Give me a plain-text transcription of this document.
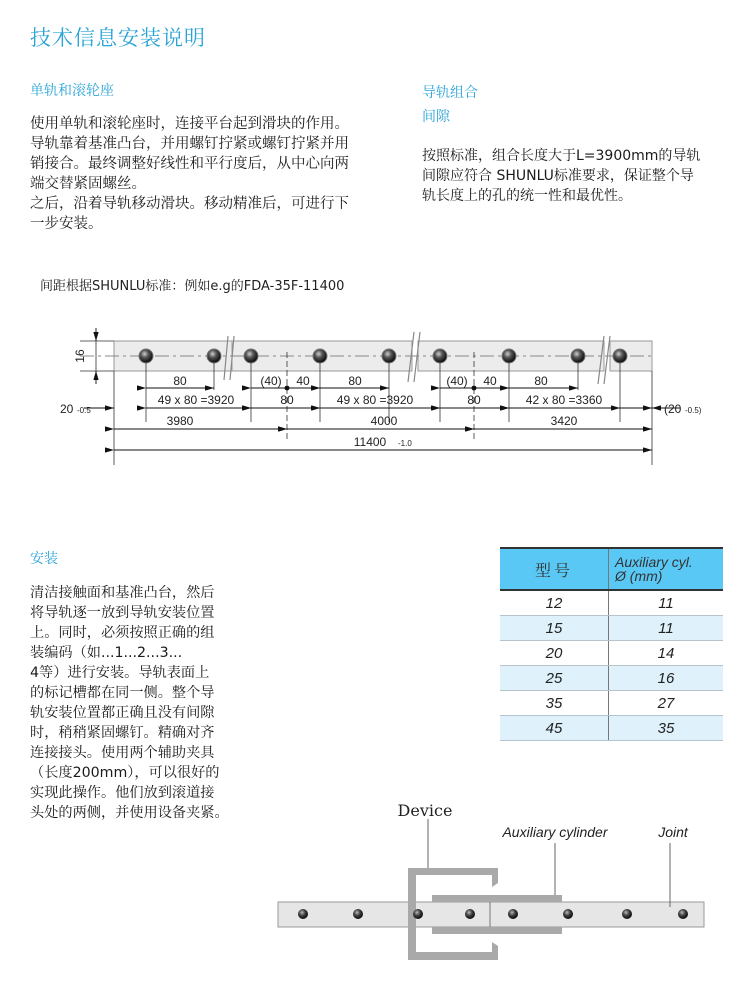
技术信息安装说明
单轨和滚轮座
使用单轨和滚轮座时，连接平台起到滑块的作用。
导轨靠着基准凸台，并用螺钉拧紧或螺钉拧紧并用
销接合。最终调整好线性和平行度后，从中心向两
端交替紧固螺丝。
之后，沿着导轨移动滑块。移动精准后，可进行下
一步安装。
导轨组合
间隙
按照标准，组合长度大于L=3900mm的导轨
间隙应符合 SHUNLU标准要求，保证整个导
轨长度上的孔的统一性和最优性。
间距根据SHUNLU标准：例如e.g的FDA-35F-11400
16
20 -0.5
80
49 x 80 =3920
(40) 40
80
80
49 x 80 =3920
(40) 40
80
80
42 x 80 =3360
(20 -0.5)
3980	4000	3420
11400 -1.0
安装
清洁接触面和基准凸台，然后
将导轨逐一放到导轨安装位置
上。同时，必须按照正确的组
装编码（如...1...2...3...
4等）进行安装。导轨表面上
的标记槽都在同一侧。整个导
轨安装位置都正确且没有间隙
时，稍稍紧固螺钉。精确对齐
连接接头。使用两个辅助夹具
（长度200mm），可以很好的
实现此操作。他们放到滚道接
头处的两侧，并使用设备夹紧。
型号	Auxiliary cyl.
Ø (mm)

12	11
15	11
20	14
25	16
35	27
45	35
Device
Auxiliary cylinder	Joint
